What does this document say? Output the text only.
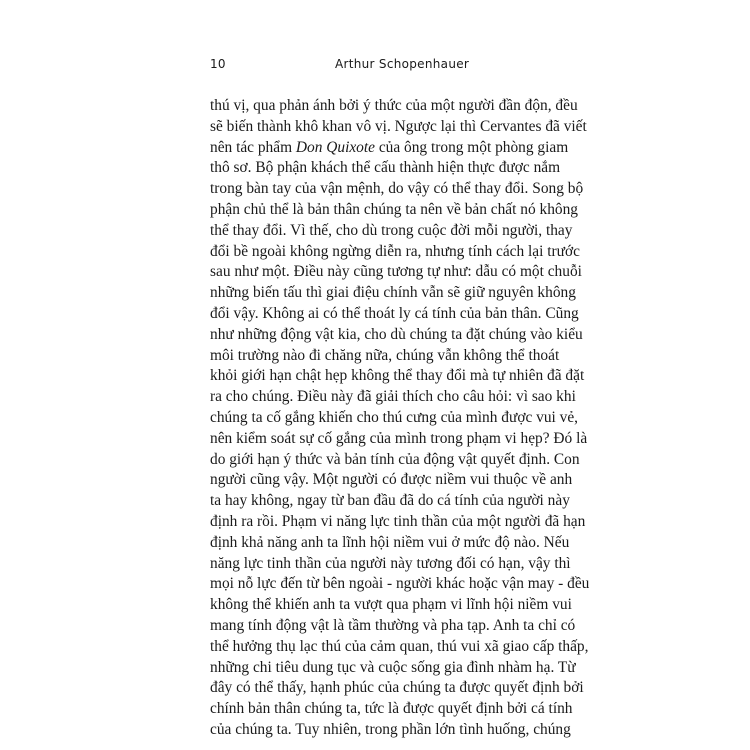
10	Arthur Schopenhauer
thú vị, qua phản ánh bởi ý thức của một người đần độn, đều
sẽ biến thành khô khan vô vị. Ngược lại thì Cervantes đã viết
nên tác phẩm Don Quixote của ông trong một phòng giam
thô sơ. Bộ phận khách thể cấu thành hiện thực được nắm
trong bàn tay của vận mệnh, do vậy có thể thay đổi. Song bộ
phận chủ thể là bản thân chúng ta nên về bản chất nó không
thể thay đổi. Vì thế, cho dù trong cuộc đời mỗi người, thay
đổi bề ngoài không ngừng diễn ra, nhưng tính cách lại trước
sau như một. Điều này cũng tương tự như: dẫu có một chuỗi
những biến tấu thì giai điệu chính vẫn sẽ giữ nguyên không
đổi vậy. Không ai có thể thoát ly cá tính của bản thân. Cũng
như những động vật kia, cho dù chúng ta đặt chúng vào kiểu
môi trường nào đi chăng nữa, chúng vẫn không thể thoát
khỏi giới hạn chật hẹp không thể thay đổi mà tự nhiên đã đặt
ra cho chúng. Điều này đã giải thích cho câu hỏi: vì sao khi
chúng ta cố gắng khiến cho thú cưng của mình được vui vẻ,
nên kiểm soát sự cố gắng của mình trong phạm vi hẹp? Đó là
do giới hạn ý thức và bản tính của động vật quyết định. Con
người cũng vậy. Một người có được niềm vui thuộc về anh
ta hay không, ngay từ ban đầu đã do cá tính của người này
định ra rồi. Phạm vi năng lực tinh thần của một người đã hạn
định khả năng anh ta lĩnh hội niềm vui ở mức độ nào. Nếu
năng lực tinh thần của người này tương đối có hạn, vậy thì
mọi nỗ lực đến từ bên ngoài - người khác hoặc vận may - đều
không thể khiến anh ta vượt qua phạm vi lĩnh hội niềm vui
mang tính động vật là tầm thường và pha tạp. Anh ta chỉ có
thể hưởng thụ lạc thú của cảm quan, thú vui xã giao cấp thấp,
những chi tiêu dung tục và cuộc sống gia đình nhàm hạ. Từ
đây có thể thấy, hạnh phúc của chúng ta được quyết định bởi
chính bản thân chúng ta, tức là được quyết định bởi cá tính
của chúng ta. Tuy nhiên, trong phần lớn tình huống, chúng
